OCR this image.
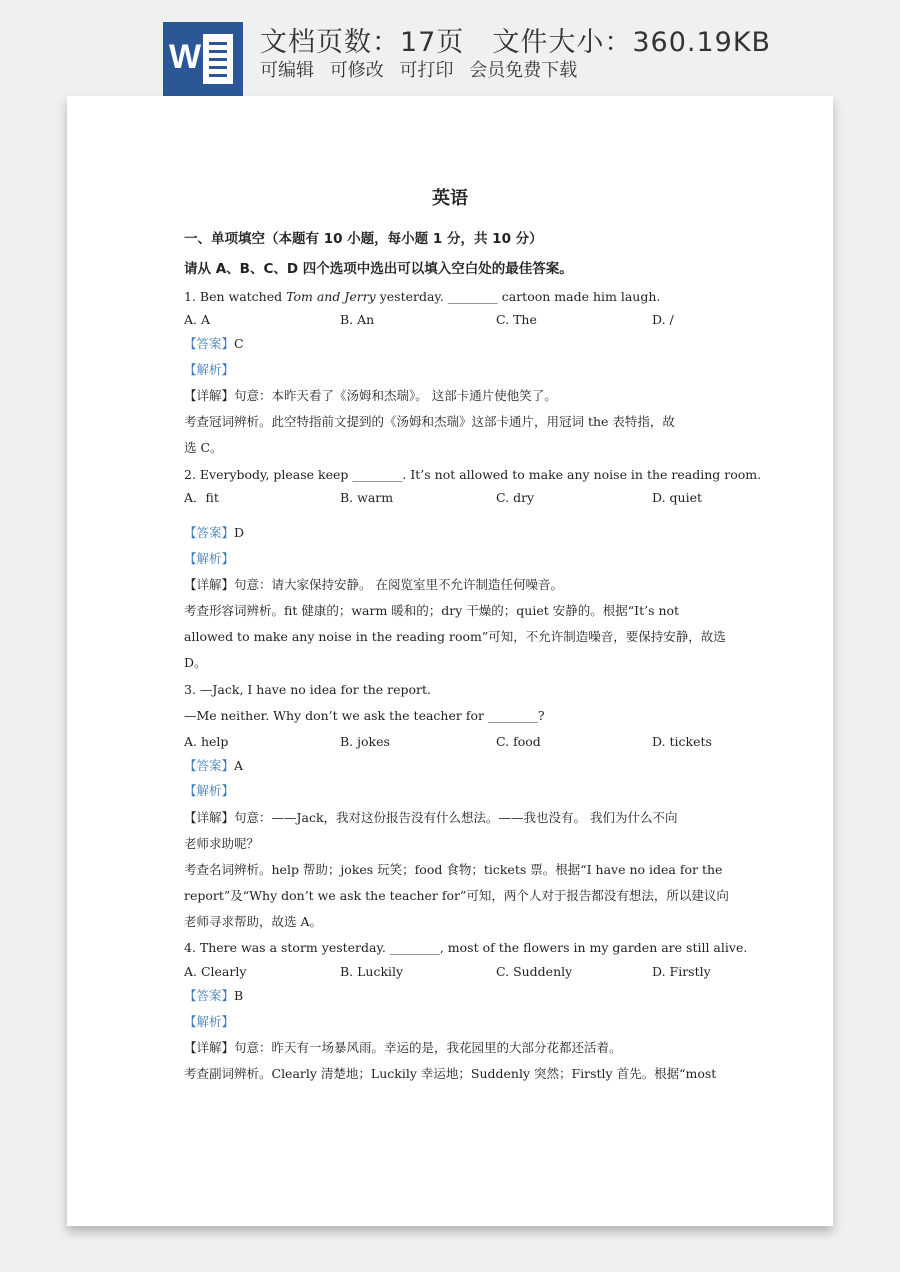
W 文档页数：17页 文件大小：360.19KB
可编辑 可修改 可打印 会员免费下载
英语
一、单项填空（本题有 10 小题，每小题 1 分，共 10 分）
请从 A、B、C、D 四个选项中选出可以填入空白处的最佳答案。
1. Ben watched Tom and Jerry yesterday. ________ cartoon made him laugh.
A. A	B. An	C. The	D. /
【答案】C
【解析】
【详解】句意：本昨天看了《汤姆和杰瑞》。 这部卡通片使他笑了。
考查冠词辨析。此空特指前文提到的《汤姆和杰瑞》这部卡通片，用冠词 the 表特指，故
选 C。
2. Everybody, please keep ________. It’s not allowed to make any noise in the reading room.
A．fit	B. warm	C. dry	D. quiet
【答案】D
【解析】
【详解】句意：请大家保持安静。 在阅览室里不允许制造任何噪音。
考查形容词辨析。fit 健康的；warm 暖和的；dry 干燥的；quiet 安静的。根据“It’s not
allowed to make any noise in the reading room”可知，不允许制造噪音，要保持安静，故选
D。
3. —Jack, I have no idea for the report.
—Me neither. Why don’t we ask the teacher for ________?
A. help	B. jokes	C. food	D. tickets
【答案】A
【解析】
【详解】句意：——Jack，我对这份报告没有什么想法。——我也没有。 我们为什么不向
老师求助呢？
考查名词辨析。help 帮助；jokes 玩笑；food 食物；tickets 票。根据“I have no idea for the
report”及“Why don’t we ask the teacher for”可知，两个人对于报告都没有想法，所以建议向
老师寻求帮助，故选 A。
4. There was a storm yesterday. ________, most of the flowers in my garden are still alive.
A. Clearly	B. Luckily	C. Suddenly	D. Firstly
【答案】B
【解析】
【详解】句意：昨天有一场暴风雨。幸运的是，我花园里的大部分花都还活着。
考查副词辨析。Clearly 清楚地；Luckily 幸运地；Suddenly 突然；Firstly 首先。根据“most
